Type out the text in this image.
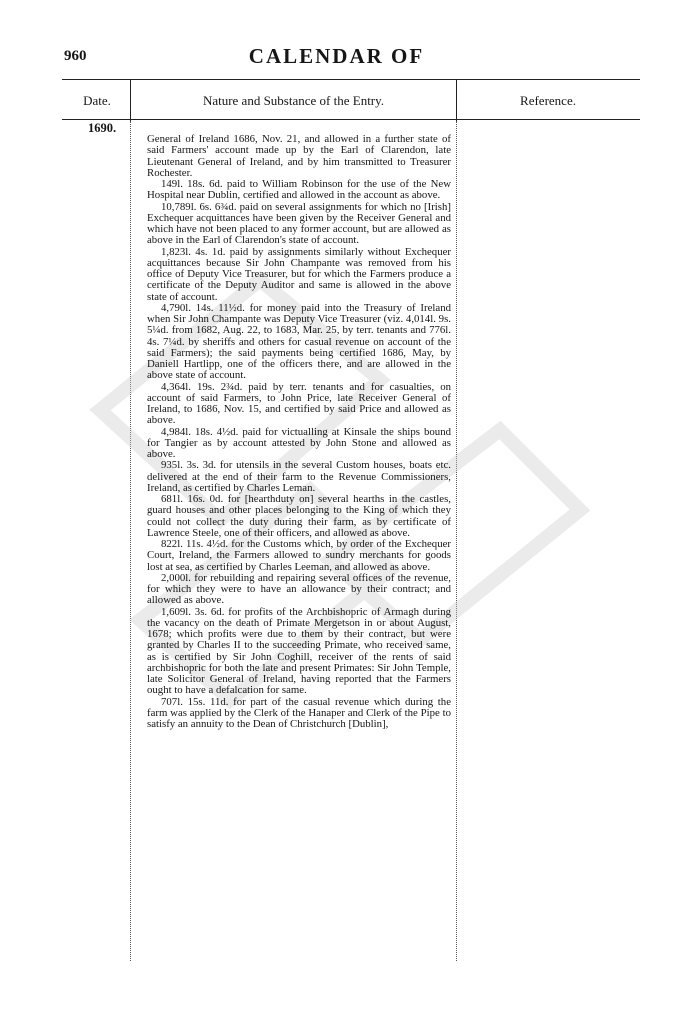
960	CALENDAR OF
Date.	Nature and Substance of the Entry.	Reference.
1690.

General of Ireland 1686, Nov. 21, and allowed in a further state of said Farmers' account made up by the Earl of Clarendon, late Lieutenant General of Ireland, and by him transmitted to Treasurer Rochester.

149l. 18s. 6d. paid to William Robinson for the use of the New Hospital near Dublin, certified and allowed in the account as above.

10,789l. 6s. 6¾d. paid on several assignments for which no [Irish] Exchequer acquittances have been given by the Receiver General and which have not been placed to any former account, but are allowed as above in the Earl of Clarendon's state of account.

1,823l. 4s. 1d. paid by assignments similarly without Exchequer acquittances because Sir John Champante was removed from his office of Deputy Vice Treasurer, but for which the Farmers produce a certificate of the Deputy Auditor and same is allowed in the above state of account.

4,790l. 14s. 11½d. for money paid into the Treasury of Ireland when Sir John Champante was Deputy Vice Treasurer (viz. 4,014l. 9s. 5¼d. from 1682, Aug. 22, to 1683, Mar. 25, by terr. tenants and 776l. 4s. 7¼d. by sheriffs and others for casual revenue on account of the said Farmers); the said payments being certified 1686, May, by Daniell Hartlipp, one of the officers there, and are allowed in the above state of account.

4,364l. 19s. 2¾d. paid by terr. tenants and for casualties, on account of said Farmers, to John Price, late Receiver General of Ireland, to 1686, Nov. 15, and certified by said Price and allowed as above.

4,984l. 18s. 4½d. paid for victualling at Kinsale the ships bound for Tangier as by account attested by John Stone and allowed as above.

935l. 3s. 3d. for utensils in the several Custom houses, boats etc. delivered at the end of their farm to the Revenue Commissioners, Ireland, as certified by Charles Leman.

681l. 16s. 0d. for [hearthduty on] several hearths in the castles, guard houses and other places belonging to the King of which they could not collect the duty during their farm, as by certificate of Lawrence Steele, one of their officers, and allowed as above.

822l. 11s. 4½d. for the Customs which, by order of the Exchequer Court, Ireland, the Farmers allowed to sundry merchants for goods lost at sea, as certified by Charles Leeman, and allowed as above.

2,000l. for rebuilding and repairing several offices of the revenue, for which they were to have an allowance by their contract; and allowed as above.

1,609l. 3s. 6d. for profits of the Archbishopric of Armagh during the vacancy on the death of Primate Mergetson in or about August, 1678; which profits were due to them by their contract, but were granted by Charles II to the succeeding Primate, who received same, as is certified by Sir John Coghill, receiver of the rents of said archbishopric for both the late and present Primates: Sir John Temple, late Solicitor General of Ireland, having reported that the Farmers ought to have a defalcation for same.

707l. 15s. 11d. for part of the casual revenue which during the farm was applied by the Clerk of the Hanaper and Clerk of the Pipe to satisfy an annuity to the Dean of Christchurch [Dublin],
